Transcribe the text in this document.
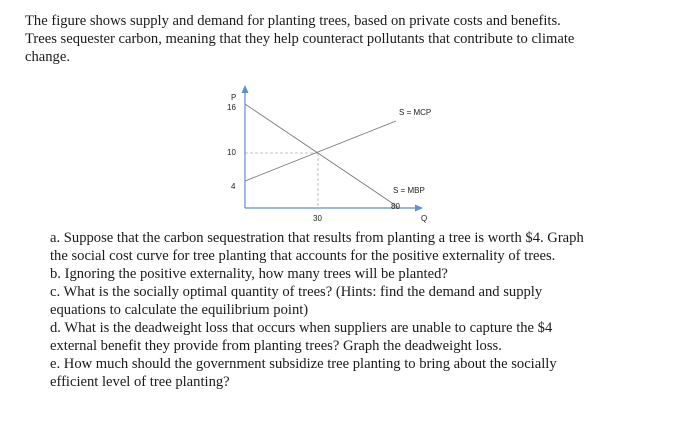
The figure shows supply and demand for planting trees, based on private costs and benefits.

Trees sequester carbon, meaning that they help counteract pollutants that contribute to climate

change.

P
Q
16
10
4
30
80
S = MCP
S = MBP

a. Suppose that the carbon sequestration that results from planting a tree is worth $4. Graph

the social cost curve for tree planting that accounts for the positive externality of trees.

b. Ignoring the positive externality, how many trees will be planted?

c. What is the socially optimal quantity of trees? (Hints: find the demand and supply

equations to calculate the equilibrium point)

d. What is the deadweight loss that occurs when suppliers are unable to capture the $4

external benefit they provide from planting trees? Graph the deadweight loss.

e. How much should the government subsidize tree planting to bring about the socially

efficient level of tree planting?
